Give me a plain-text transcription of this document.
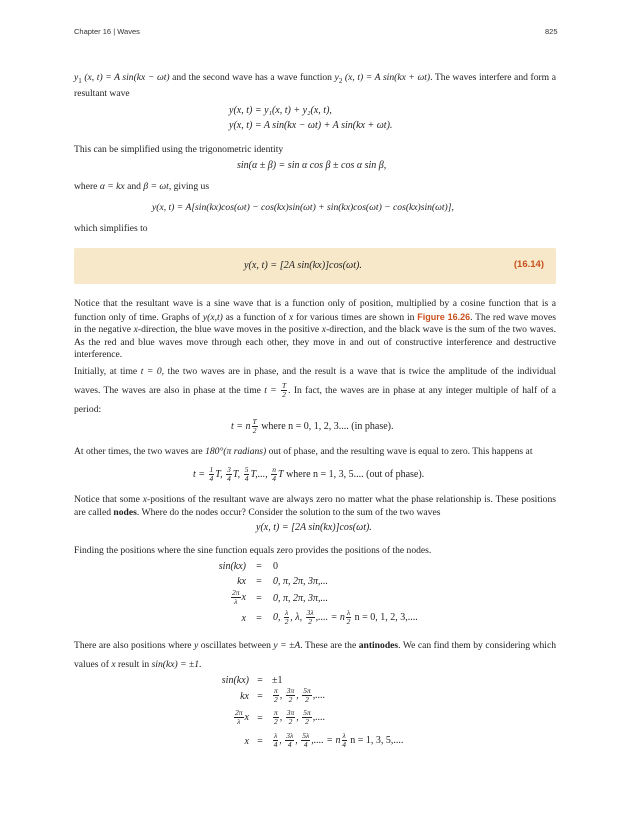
Chapter 16 | Waves	825
$y_1$ (x, t) = A sin(kx − ωt) and the second wave has a wave function $y_2$ (x, t) = A sin(kx + ωt). The waves interfere and form a resultant wave
y(x, t) = y₁(x, t) + y₂(x, t),
y(x, t) = A sin(kx − ωt) + A sin(kx + ωt).
This can be simplified using the trigonometric identity
sin(α ± β) = sin α cos β ± cos α sin β,
where α = kx and β = ωt, giving us
y(x, t) = A[sin(kx)cos(ωt) − cos(kx)sin(ωt) + sin(kx)cos(ωt) − cos(kx)sin(ωt)],
which simplifies to
y(x, t) = [2A sin(kx)]cos(ωt).	(16.14)
Notice that the resultant wave is a sine wave that is a function only of position, multiplied by a cosine function that is a function only of time. Graphs of y(x,t) as a function of x for various times are shown in Figure 16.26. The red wave moves in the negative x-direction, the blue wave moves in the positive x-direction, and the black wave is the sum of the two waves. As the red and blue waves move through each other, they move in and out of constructive interference and destructive interference.
Initially, at time t = 0, the two waves are in phase, and the result is a wave that is twice the amplitude of the individual waves. The waves are also in phase at the time $t = \frac{T}{2}$ . In fact, the waves are in phase at any integer multiple of half of a period:
t = n $\frac{T}{2}$ where n = 0, 1, 2, 3.... (in phase).
At other times, the two waves are 180°(π radians) out of phase, and the resulting wave is equal to zero. This happens at
$t = \frac{1}{4} T$, $\frac{3}{4} T$, $\frac{5}{4} T$,..., $\frac{n}{4}$ T where n = 1, 3, 5.... (out of phase).
Notice that some x-positions of the resultant wave are always zero no matter what the phase relationship is. These positions are called nodes. Where do the nodes occur? Consider the solution to the sum of the two waves
y(x, t) = [2A sin(kx)]cos(ωt).
Finding the positions where the sine function equals zero provides the positions of the nodes.
sin(kx)	=	0
kx	=	0, π, 2π, 3π,...
$\frac{2\pi}{\lambda}$ x	=	0, π, 2π, 3π,...
x	=	0, $\frac{\lambda}{2}$ , λ, $\frac{3\lambda}{2}$ ,.... = n $\frac{\lambda}{2}$ n = 0, 1, 2, 3,....
There are also positions where y oscillates between y = ±A. These are the antinodes. We can find them by considering which values of x result in sin(kx) = ±1.
sin(kx) = ±1
kx =	$\frac{\pi}{2}$ , $\frac{3\pi}{2}$ , $\frac{5\pi}{2}$ ,....
$\frac{2\pi}{\lambda}$ x =	$\frac{\pi}{2}$ , $\frac{3\pi}{2}$ , $\frac{5\pi}{2}$ ,....
x =	$\frac{\lambda}{4}$ , $\frac{3\lambda}{4}$ , $\frac{5\lambda}{4}$ ,.... = n $\frac{\lambda}{4}$ n = 1, 3, 5,....
